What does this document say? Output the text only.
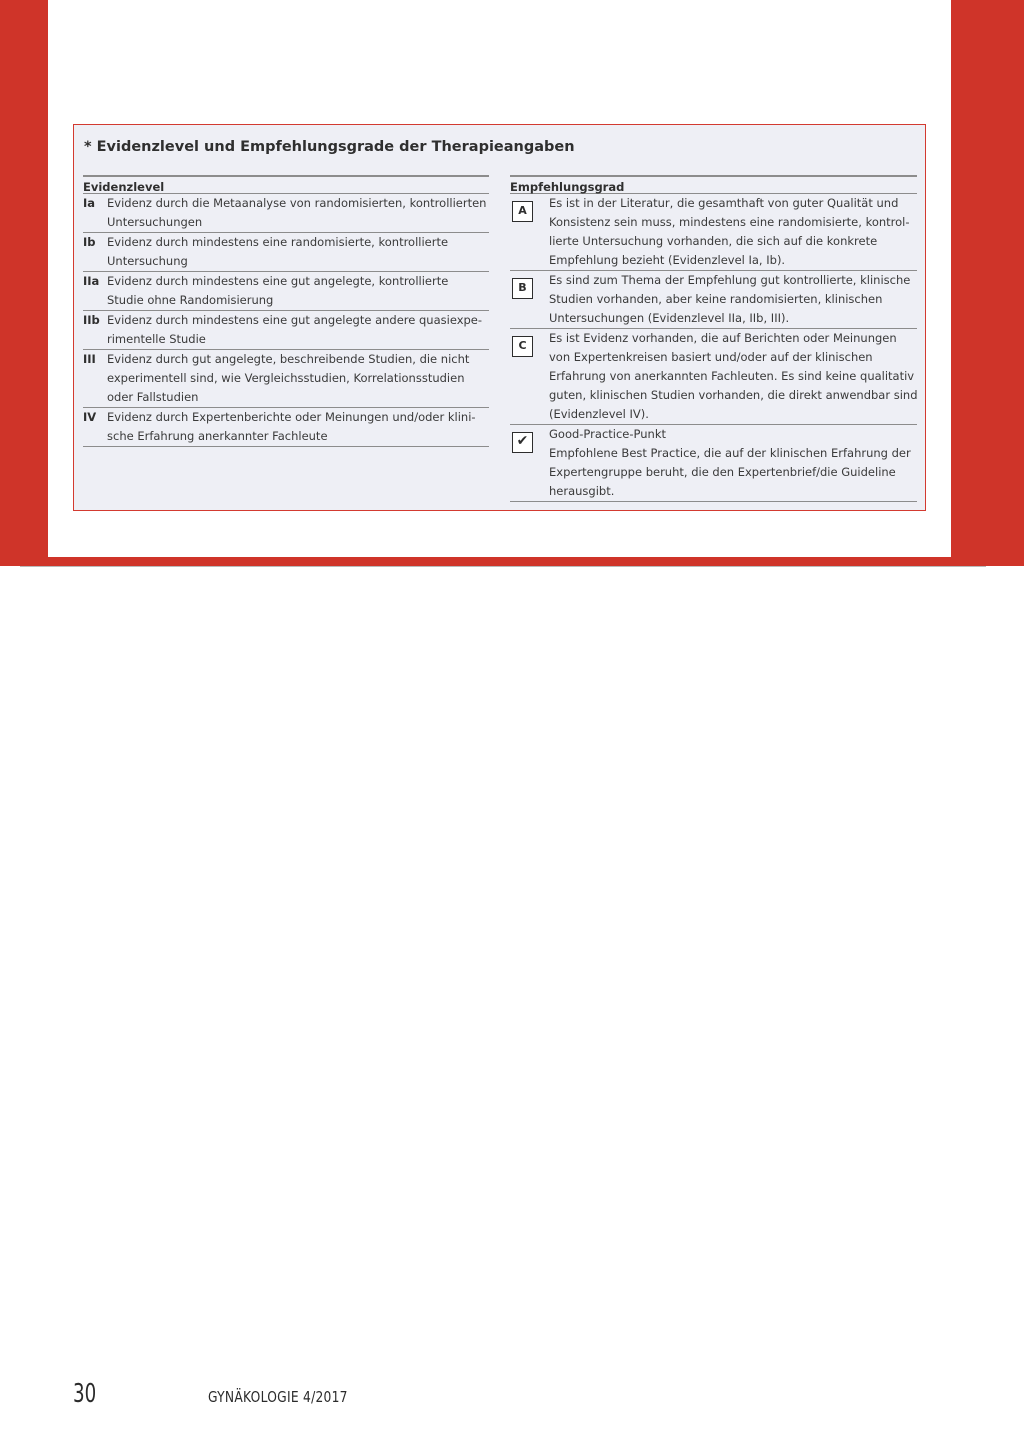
* Evidenzlevel und Empfehlungsgrade der Therapieangaben
Evidenzlevel
Ia	Evidenz durch die Metaanalyse von randomisierten, kontrollierten
Untersuchungen
Ib Evidenz durch mindestens eine randomisierte, kontrollierte
Untersuchung
IIa Evidenz durch mindestens eine gut angelegte, kontrollierte
Studie ohne Randomisierung
IIb Evidenz durch mindestens eine gut angelegte andere quasiexpe-
rimentelle Studie
III Evidenz durch gut angelegte, beschreibende Studien, die nicht
experimentell sind, wie Vergleichsstudien, Korrelationsstudien
oder Fallstudien
IV Evidenz durch Expertenberichte oder Meinungen und/oder klini-
sche Erfahrung anerkannter Fachleute
Empfehlungsgrad
A
Es ist in der Literatur, die gesamthaft von guter Qualität und
Konsistenz sein muss, mindestens eine randomisierte, kontrol-
lierte Untersuchung vorhanden, die sich auf die konkrete
Empfehlung bezieht (Evidenzlevel Ia, Ib).
B
Es sind zum Thema der Empfehlung gut kontrollierte, klinische
Studien vorhanden, aber keine randomisierten, klinischen
Untersuchungen (Evidenzlevel IIa, IIb, III).
C
Es ist Evidenz vorhanden, die auf Berichten oder Meinungen
von Expertenkreisen basiert und/oder auf der klinischen
Erfahrung von anerkannten Fachleuten. Es sind keine qualitativ
guten, klinischen Studien vorhanden, die direkt anwendbar sind
(Evidenzlevel IV).
✔	Good-Practice-Punkt
Empfohlene Best Practice, die auf der klinischen Erfahrung der
Expertengruppe beruht, die den Expertenbrief/die Guideline
herausgibt.
30	GYNÄKOLOGIE 4/2017
